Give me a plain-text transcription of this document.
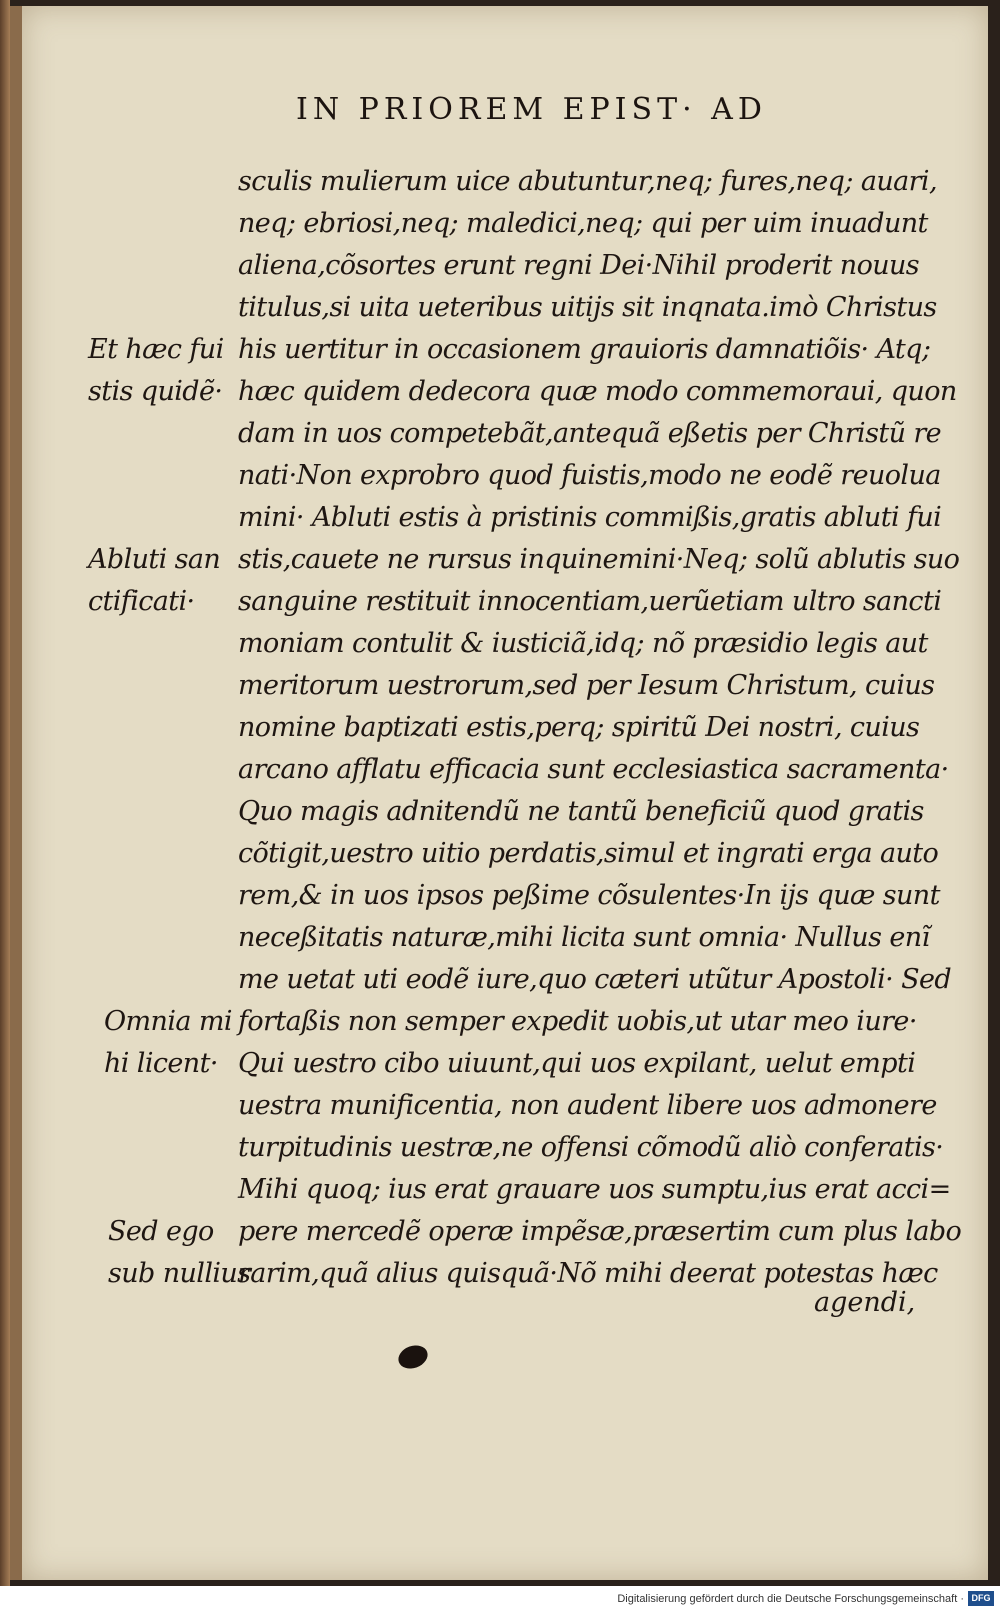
IN PRIOREM EPIST· AD
sculis mulierum uice abutuntur,neq; fures,neq; auari,
neq; ebriosi,neq; maledici,neq; qui per uim inuadunt
aliena,cõsortes erunt regni Dei·Nihil proderit nouus
titulus,si uita ueteribus uitijs sit inqnata.imò Christus
his uertitur in occasionem grauioris damnatiõis· Atq;
hæc quidem dedecora quæ modo commemoraui, quon
dam in uos competebãt,antequã eßetis per Christũ re
nati·Non exprobro quod fuistis,modo ne eodẽ reuolua
mini· Abluti estis à pristinis commißis,gratis abluti fui
stis,cauete ne rursus inquinemini·Neq; solũ ablutis suo
sanguine restituit innocentiam,uerũetiam ultro sancti
moniam contulit & iusticiã,idq; nõ præsidio legis aut
meritorum uestrorum,sed per Iesum Christum, cuius
nomine baptizati estis,perq; spiritũ Dei nostri, cuius
arcano afflatu efficacia sunt ecclesiastica sacramenta·
Quo magis adnitendũ ne tantũ beneficiũ quod gratis
cõtigit,uestro uitio perdatis,simul et ingrati erga auto
rem,& in uos ipsos peßime cõsulentes·In ijs quæ sunt
neceßitatis naturæ,mihi licita sunt omnia· Nullus enĩ
me uetat uti eodẽ iure,quo cæteri utũtur Apostoli· Sed
fortaßis non semper expedit uobis,ut utar meo iure·
Qui uestro cibo uiuunt,qui uos expilant, uelut empti
uestra munificentia, non audent libere uos admonere
turpitudinis uestræ,ne offensi cõmodũ aliò conferatis·
Mihi quoq; ius erat grauare uos sumptu,ius erat acci=
pere mercedẽ operæ impẽsæ,præsertim cum plus labo
rarim,quã alius quisquã·Nõ mihi deerat potestas hæc
agendi,
Et hæc fui
stis quidẽ·
Abluti san
ctificati·
Omnia mi
hi licent·
Sed ego
sub nullius
Digitalisierung gefördert durch die Deutsche Forschungsgemeinschaft · DFG
